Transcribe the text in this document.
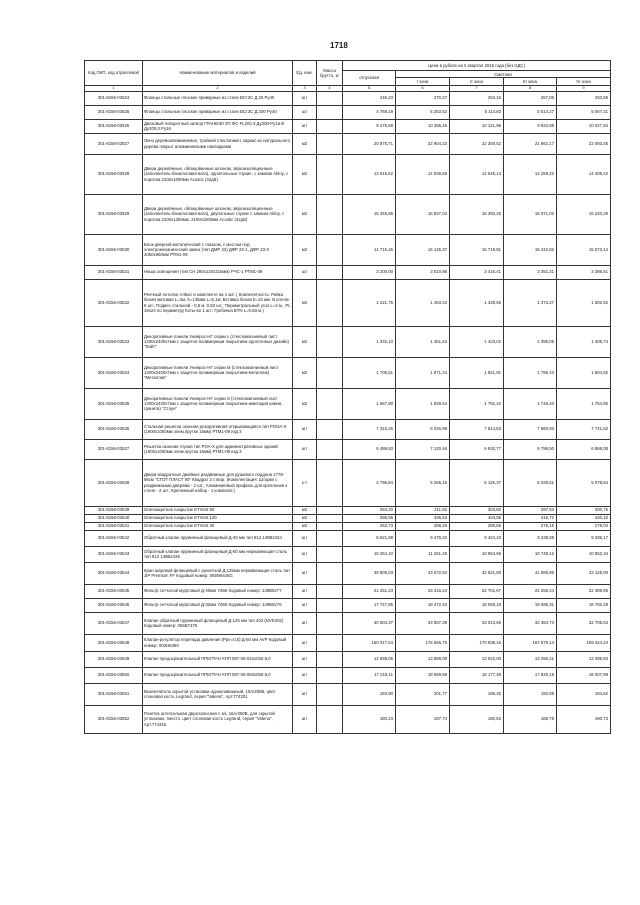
1718
Код ОКП, код отраслевой	Наименование материалов и изделий	Ед. изм.	Масса брутто, кг	Цена в рублях на II квартал 2016 года (без НДС)				
				отпускная	Сметная			
					I зона	II зона	III зона	IV зона
1	2	3	4	5	6	7	8	9
301-8156-03524	Фланцы стальные плоские приварные из стали ВСт3С Д 25 Ру40	шт		246,23	270,27	263,15	257,06	293,69
301-8156-03525	Фланцы стальные плоские приварные из стали ВСт3С Д 200 Ру40	шт		4 768,19	5 253,52	5 114,83	5 014,27	5 067,31
301-8156-03526	Дисковый поворотный затвор ГРАНВЭЛ ЗП ФС-FL(W)-3 Ду200-Ру16-Е Ду200,0 Ру16	шт		9 475,58	10 396,45	10 121,96	9 922,98	10 027,94
301-8156-03527	Окно деревоалюминиевое, тройной стеклопакет, каркас из натурального дерева покрыт алюминиевыми накладками	м2		20 875,71	22 904,23	22 300,52	21 862,17	22 093,45
301-8156-03528	Двери деревянные, облицованные шпоном, звукоизоляционные (заполнитель-базальтовая вата), однопольные глухие, с замком Abloy, с порогом 2100х1000мм Acustic (42дБ)	м2		13 615,62	14 938,69	14 545,13	14 259,22	14 409,42
301-8156-03529	Двери деревянные, облицованные шпоном, звукоизоляционные (заполнитель-базальтовая вата), двупольные глухие с замком Abloy, с порогом 2100х1300мм, 2100х1500мм Acustic (42дБ)	м2		15 345,86	16 837,04	16 393,25	16 071,02	16 240,29
301-8156-03530	Блок дверной металический с глазком, с местом под электромеханический замок (тип ДМР 23) ДФР 23-1, ДФР 23-3 2050х960мм РТМ1-09	м2		14 715,45	16 145,37	15 719,81	15 410,82	15 573,14
301-8156-03531	Ниша освещения (тип СН 280х120х215мм) РЧС-1 РТМ1-09	шт		3 200,00	3 510,95	3 416,41	3 351,21	3 386,51
301-8156-03532	Реечный потолок АлБес в комплекте на 1 м2: ( Комплектность: Рейка белая матовая L=3м, b=135мм L=6,1м; Вставка белая b=15 мм. В кол-ве 6 шт.; Подвес стальной - 0,5 м, 0,83 шт.; Периметральный угол L=3 м., PL 19х24 по периметру Коты-во 1 шт.; Гребенка BTN L=0,83 м.)	м2		1 221,75	1 463,43	1 428,55	1 373,27	1 602,62
301-8156-03533	Декоративные панели Униярос-НГ серии L (стекломагниевый лист 1200х2400х7мм с защитно-полимерным покрытием однотонных дизайн) "Лайт"	м2		1 332,10	1 461,54	1 423,02	1 395,05	1 409,74
301-8156-03534	Декоративные панели Униярос-НГ серии М (стекломагниевый лист 1200х2400х7мм с защитно-полимерным покрытием-металлик) "Металлик"	м2		1 705,51	1 871,24	1 821,91	1 786,10	1 804,92
301-8156-03535	Декоративные панели Униярос-НГ серии S (стекломагниевый лист 1200х2400х7мм с защитно-полимерным покрытием-имитация камня, гранита) "Стоун"	м2		1 667,90	1 829,64	1 781,42	1 746,40	1 764,80
301-8156-03536	Стальная решетка оконная декоративная открывающаяся тип РООА-Х (1900х1050мм элем.прутки 16мм) РТМ1-09 изд 3	шт		7 316,25	8 026,98	7 814,53	7 660,93	7 741,62
301-8156-03537	Решетка оконная глухая тип РОА-Х для административных зданий (1900х1000мм элем.прутки 16мм) РТМ1-09 изд 3	шт		6 489,83	7 120,46	6 932,77	6 796,50	6 868,08
301-8156-03538	Двери квадратные двойные раздвижные для душевого поддона 1778-98см "СТОТ ПЛАСТ 90" Квадрат 2 створ. (Комплектация: Шторки с раздвижными дверями - 2 шт.; Алюминиевый профиль для крепления к стене - 2 шт.; Крепежный набор - 1 комплект.)	к-т		4 796,84	5 265,15	5 126,37	5 025,61	5 078,54
301-8156-03539	Огнезащитное покрытие ETVent 60	м2		284,20	311,82	303,60	297,63	300,76
301-8156-03540	Огнезащитное покрытие ETVent 120	м2		396,96	435,53	424,05	415,72	420,10
301-8156-03541	Огнезащитное покрытие ETVent 30	м2		262,73	288,26	280,66	275,15	278,04
301-8156-03542	Обратный клапан пружинный фланцевый Д-40 мм тип 812 149В2424	шт		8 621,88	9 479,22	9 424,10	9 238,88	9 336,17
301-8156-03543	Обратный клапан пружинный фланцевый Д-80 мм нержавеющая сталь тип 812 149В2425	шт		10 264,10	11 261,48	10 964,65	10 749,12	10 862,34
301-8156-03544	Кран шаровой фланцевый с рукояткой Д 125мм нержавеющая сталь тип JIP Premium FF Кодовый номер: 065N9445G	шт		39 805,03	43 672,94	42 521,80	41 685,96	42 125,00
301-8156-03545	Фильтр сетчатый муфтовый Д-40мм Y666 Кодовый номер: 149В5277	шт		21 251,23	23 316,24	22 701,67	22 255,44	22 489,85
301-8156-03546	Фильтр сетчатый муфтовый Д-32мм Y666 Кодовый номер: 149В5276	шт		17 747,85	18 472,43	18 059,18	18 596,31	18 782,28
301-8156-03547	Клапан обратный пружинный фланцевый Д-125 мм тип 402 (NVD402) Кодовый номер: 065В7475	шт		30 904,37	33 907,39	33 013,65	32 364,73	32 705,63
301-8156-03548	Клапан-регулятор перепада давления (Ppe=0,5) Д-50 мм AVP Кодовый номер: 003H6390	шт		160 017,64	175 566,76	170 939,16	167 579,14	169 344,24
301-8156-03549	Клапан предохранительный ПРЕГРАН КПП 097-05-032х032-6,0	шт		12 658,06	13 888,08	13 522,00	13 256,21	13 395,83
301-8156-03550	Клапан предохранительный ПРЕГРАН КПП 097-05-050х050-6,0	шт		17 018,11	18 669,59	18 177,48	17 820,19	18 007,89
301-8156-03551	Выключатель скрытой установки одноклавишный, 10А/250В, цвет слоновая кость Legrand, серия "Valena", Арт.774301	шт		183,90	201,77	196,45	192,59	194,62
301-8156-03552	Розетка штепсельная двухполюсная с з/к, 16А/250В, для скрытой установки, тместо, цвет слоновая кость Legrand, серия "Valena", Арт.774315	шт		180,23	197,74	192,53	188,75	190,73
